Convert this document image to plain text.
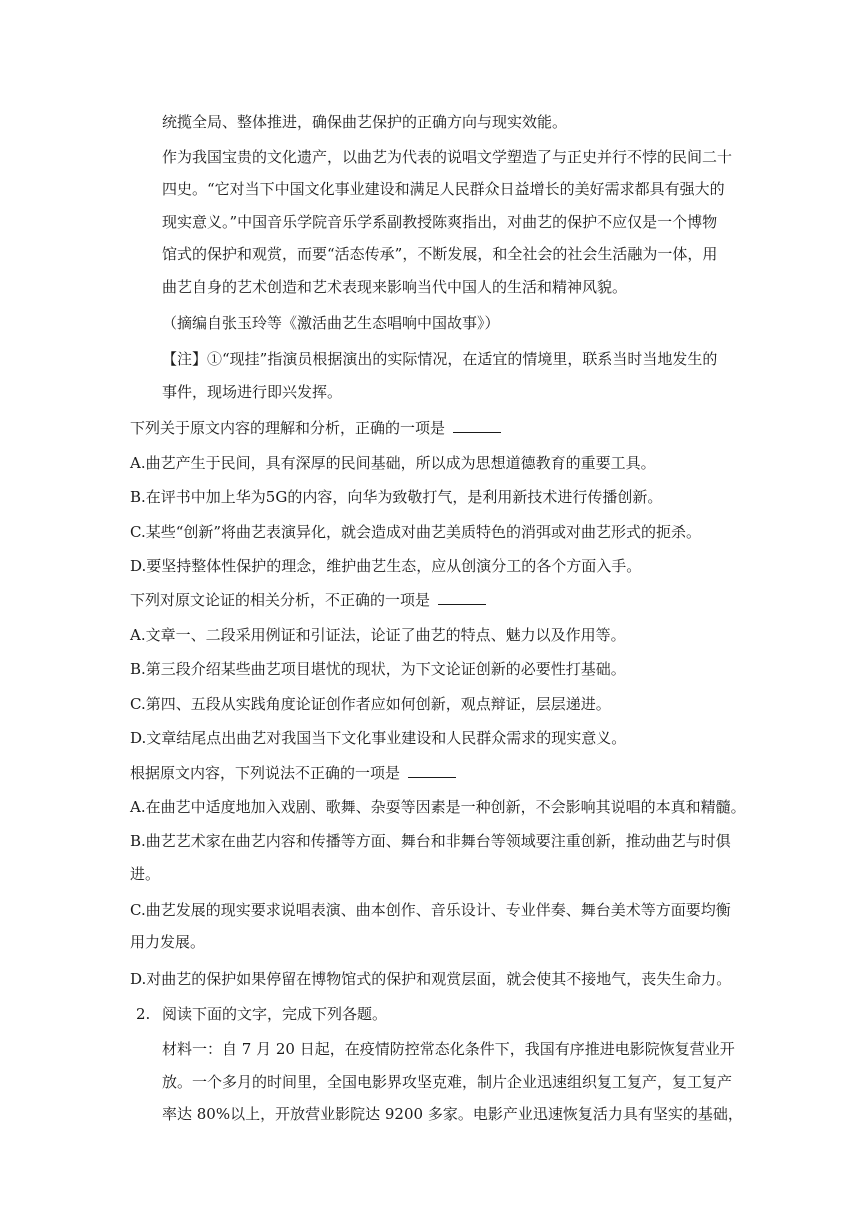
统揽全局、整体推进，确保曲艺保护的正确方向与现实效能。
作为我国宝贵的文化遗产，以曲艺为代表的说唱文学塑造了与正史并行不悖的民间二十
四史。“它对当下中国文化事业建设和满足人民群众日益增长的美好需求都具有强大的
现实意义。”中国音乐学院音乐学系副教授陈爽指出，对曲艺的保护不应仅是一个博物
馆式的保护和观赏，而要“活态传承”，不断发展，和全社会的社会生活融为一体，用
曲艺自身的艺术创造和艺术表现来影响当代中国人的生活和精神风貌。
（摘编自张玉玲等《激活曲艺生态唱响中国故事》）
【注】①“现挂”指演员根据演出的实际情况，在适宜的情境里，联系当时当地发生的
事件，现场进行即兴发挥。
下列关于原文内容的理解和分析，正确的一项是
A.曲艺产生于民间，具有深厚的民间基础，所以成为思想道德教育的重要工具。
B.在评书中加上华为5G的内容，向华为致敬打气，是利用新技术进行传播创新。
C.某些“创新”将曲艺表演异化，就会造成对曲艺美质特色的消弭或对曲艺形式的扼杀。
D.要坚持整体性保护的理念，维护曲艺生态，应从创演分工的各个方面入手。
下列对原文论证的相关分析，不正确的一项是
A.文章一、二段采用例证和引证法，论证了曲艺的特点、魅力以及作用等。
B.第三段介绍某些曲艺项目堪忧的现状，为下文论证创新的必要性打基础。
C.第四、五段从实践角度论证创作者应如何创新，观点辩证，层层递进。
D.文章结尾点出曲艺对我国当下文化事业建设和人民群众需求的现实意义。
根据原文内容，下列说法不正确的一项是
A.在曲艺中适度地加入戏剧、歌舞、杂耍等因素是一种创新，不会影响其说唱的本真和精髓。
B.曲艺艺术家在曲艺内容和传播等方面、舞台和非舞台等领域要注重创新，推动曲艺与时俱
进。
C.曲艺发展的现实要求说唱表演、曲本创作、音乐设计、专业伴奏、舞台美术等方面要均衡
用力发展。
D.对曲艺的保护如果停留在博物馆式的保护和观赏层面，就会使其不接地气，丧失生命力。
2. 阅读下面的文字，完成下列各题。
材料一：自 7 月 20 日起，在疫情防控常态化条件下，我国有序推进电影院恢复营业开
放。一个多月的时间里，全国电影界攻坚克难，制片企业迅速组织复工复产，复工复产
率达 80%以上，开放营业影院达 9200 多家。电影产业迅速恢复活力具有坚实的基础，
